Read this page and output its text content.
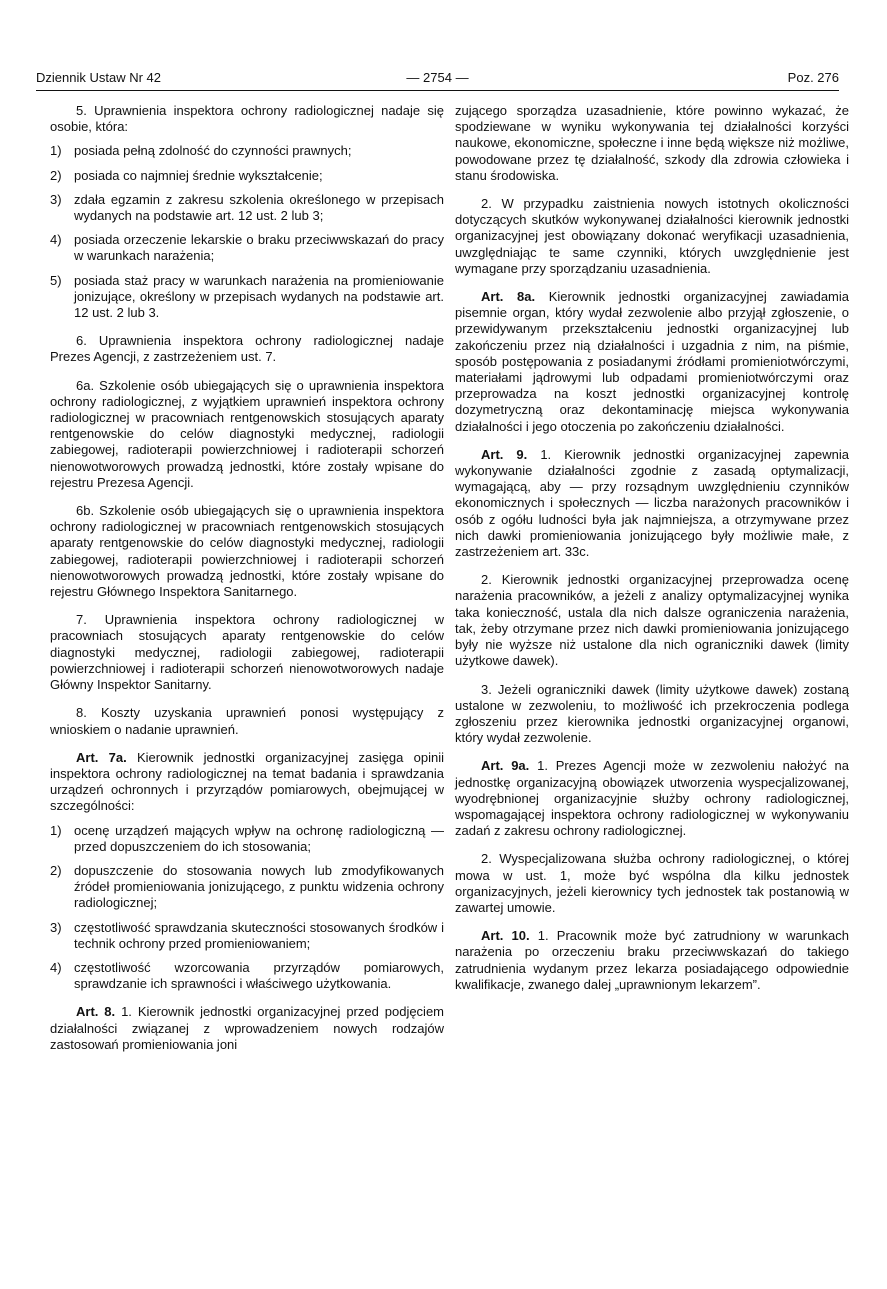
Dziennik Ustaw Nr 42	— 2754 —	Poz. 276

5. Uprawnienia inspektora ochrony radiologicznej nadaje się osobie, która:

1) posiada pełną zdolność do czynności prawnych;
2) posiada co najmniej średnie wykształcenie;
3) zdała egzamin z zakresu szkolenia określonego w przepisach wydanych na podstawie art. 12 ust. 2 lub 3;
4) posiada orzeczenie lekarskie o braku przeciwwskazań do pracy w warunkach narażenia;
5) posiada staż pracy w warunkach narażenia na promieniowanie jonizujące, określony w przepisach wydanych na podstawie art. 12 ust. 2 lub 3.

6. Uprawnienia inspektora ochrony radiologicznej nadaje Prezes Agencji, z zastrzeżeniem ust. 7.

6a. Szkolenie osób ubiegających się o uprawnienia inspektora ochrony radiologicznej, z wyjątkiem uprawnień inspektora ochrony radiologicznej w pracowniach rentgenowskich stosujących aparaty rentgenowskie do celów diagnostyki medycznej, radiologii zabiegowej, radioterapii powierzchniowej i radioterapii schorzeń nienowotworowych prowadzą jednostki, które zostały wpisane do rejestru Prezesa Agencji.

6b. Szkolenie osób ubiegających się o uprawnienia inspektora ochrony radiologicznej w pracowniach rentgenowskich stosujących aparaty rentgenowskie do celów diagnostyki medycznej, radiologii zabiegowej, radioterapii powierzchniowej i radioterapii schorzeń nienowotworowych prowadzą jednostki, które zostały wpisane do rejestru Głównego Inspektora Sanitarnego.

7. Uprawnienia inspektora ochrony radiologicznej w pracowniach stosujących aparaty rentgenowskie do celów diagnostyki medycznej, radiologii zabiegowej, radioterapii powierzchniowej i radioterapii schorzeń nienowotworowych nadaje Główny Inspektor Sanitarny.

8. Koszty uzyskania uprawnień ponosi występujący z wnioskiem o nadanie uprawnień.

Art. 7a. Kierownik jednostki organizacyjnej zasięga opinii inspektora ochrony radiologicznej na temat badania i sprawdzania urządzeń ochronnych i przyrządów pomiarowych, obejmującej w szczególności:

1) ocenę urządzeń mających wpływ na ochronę radiologiczną — przed dopuszczeniem do ich stosowania;
2) dopuszczenie do stosowania nowych lub zmodyfikowanych źródeł promieniowania jonizującego, z punktu widzenia ochrony radiologicznej;
3) częstotliwość sprawdzania skuteczności stosowanych środków i technik ochrony przed promieniowaniem;
4) częstotliwość wzorcowania przyrządów pomiarowych, sprawdzanie ich sprawności i właściwego użytkowania.

Art. 8. 1. Kierownik jednostki organizacyjnej przed podjęciem działalności związanej z wprowadzeniem nowych rodzajów zastosowań promieniowania joni

zującego sporządza uzasadnienie, które powinno wykazać, że spodziewane w wyniku wykonywania tej działalności korzyści naukowe, ekonomiczne, społeczne i inne będą większe niż możliwe, powodowane przez tę działalność, szkody dla zdrowia człowieka i stanu środowiska.

2. W przypadku zaistnienia nowych istotnych okoliczności dotyczących skutków wykonywanej działalności kierownik jednostki organizacyjnej jest obowiązany dokonać weryfikacji uzasadnienia, uwzględniając te same czynniki, których uwzględnienie jest wymagane przy sporządzaniu uzasadnienia.

Art. 8a. Kierownik jednostki organizacyjnej zawiadamia pisemnie organ, który wydał zezwolenie albo przyjął zgłoszenie, o przewidywanym przekształceniu jednostki organizacyjnej lub zakończeniu przez nią działalności i uzgadnia z nim, na piśmie, sposób postępowania z posiadanymi źródłami promieniotwórczymi, materiałami jądrowymi lub odpadami promieniotwórczymi oraz przeprowadza na koszt jednostki organizacyjnej kontrolę dozymetryczną oraz dekontaminację miejsca wykonywania działalności i jego otoczenia po zakończeniu działalności.

Art. 9. 1. Kierownik jednostki organizacyjnej zapewnia wykonywanie działalności zgodnie z zasadą optymalizacji, wymagającą, aby — przy rozsądnym uwzględnieniu czynników ekonomicznych i społecznych — liczba narażonych pracowników i osób z ogółu ludności była jak najmniejsza, a otrzymywane przez nich dawki promieniowania jonizującego były możliwie małe, z zastrzeżeniem art. 33c.

2. Kierownik jednostki organizacyjnej przeprowadza ocenę narażenia pracowników, a jeżeli z analizy optymalizacyjnej wynika taka konieczność, ustala dla nich dalsze ograniczenia narażenia, tak, żeby otrzymane przez nich dawki promieniowania jonizującego były nie wyższe niż ustalone dla nich ograniczniki dawek (limity użytkowe dawek).

3. Jeżeli ograniczniki dawek (limity użytkowe dawek) zostaną ustalone w zezwoleniu, to możliwość ich przekroczenia podlega zgłoszeniu przez kierownika jednostki organizacyjnej organowi, który wydał zezwolenie.

Art. 9a. 1. Prezes Agencji może w zezwoleniu nałożyć na jednostkę organizacyjną obowiązek utworzenia wyspecjalizowanej, wyodrębnionej organizacyjnie służby ochrony radiologicznej, wspomagającej inspektora ochrony radiologicznej w wykonywaniu zadań z zakresu ochrony radiologicznej.

2. Wyspecjalizowana służba ochrony radiologicznej, o której mowa w ust. 1, może być wspólna dla kilku jednostek organizacyjnych, jeżeli kierownicy tych jednostek tak postanowią w zawartej umowie.

Art. 10. 1. Pracownik może być zatrudniony w warunkach narażenia po orzeczeniu braku przeciwwskazań do takiego zatrudnienia wydanym przez lekarza posiadającego odpowiednie kwalifikacje, zwanego dalej „uprawnionym lekarzem”.
